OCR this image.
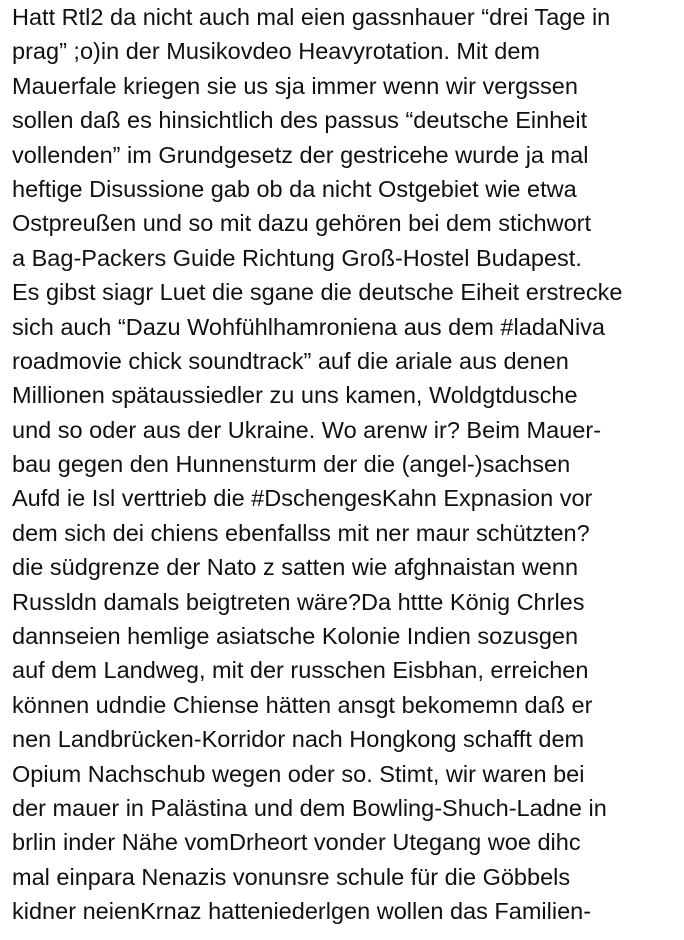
Hatt Rtl2 da nicht auch mal eien gassnhauer “drei Tage in
prag” ;o)in der Musikovdeo Heavyrotation. Mit dem
Mauerfale kriegen sie us sja immer wenn wir vergssen
sollen daß es hinsichtlich des passus “deutsche Einheit
vollenden” im Grundgesetz der gestricehe wurde ja mal
heftige Disussione gab ob da nicht Ostgebiet wie etwa
Ostpreußen und so mit dazu gehören bei dem stichwort
a Bag-Packers Guide Richtung Groß-Hostel Budapest.
Es gibst siagr Luet die sgane die deutsche Eiheit erstrecke
sich auch “Dazu Wohfühlhamroniena aus dem #ladaNiva
roadmovie chick soundtrack” auf die ariale aus denen
Millionen spätaussiedler zu uns kamen, Woldgtdusche
und so oder aus der Ukraine. Wo arenw ir? Beim Mauer-
bau gegen den Hunnensturm der die (angel-)sachsen
Aufd ie Isl verttrieb die #DschengesKahn Expnasion vor
dem sich dei chiens ebenfallss mit ner maur schützten?
die südgrenze der Nato z satten wie afghnaistan wenn
Russldn damals beigtreten wäre?Da httte König Chrles
dannseien hemlige asiatsche Kolonie Indien sozusgen
auf dem Landweg, mit der russchen Eisbhan, erreichen
können udndie Chiense hätten ansgt bekomemn daß er
nen Landbrücken-Korridor nach Hongkong schafft dem
Opium Nachschub wegen oder so. Stimt, wir waren bei
der mauer in Palästina und dem Bowling-Shuch-Ladne in
brlin inder Nähe vomDrheort vonder Utegang woe dihc
mal einpara Nenazis vonunsre schule für die Göbbels
kidner neienKrnaz hatteniederlgen wollen das Familien-
